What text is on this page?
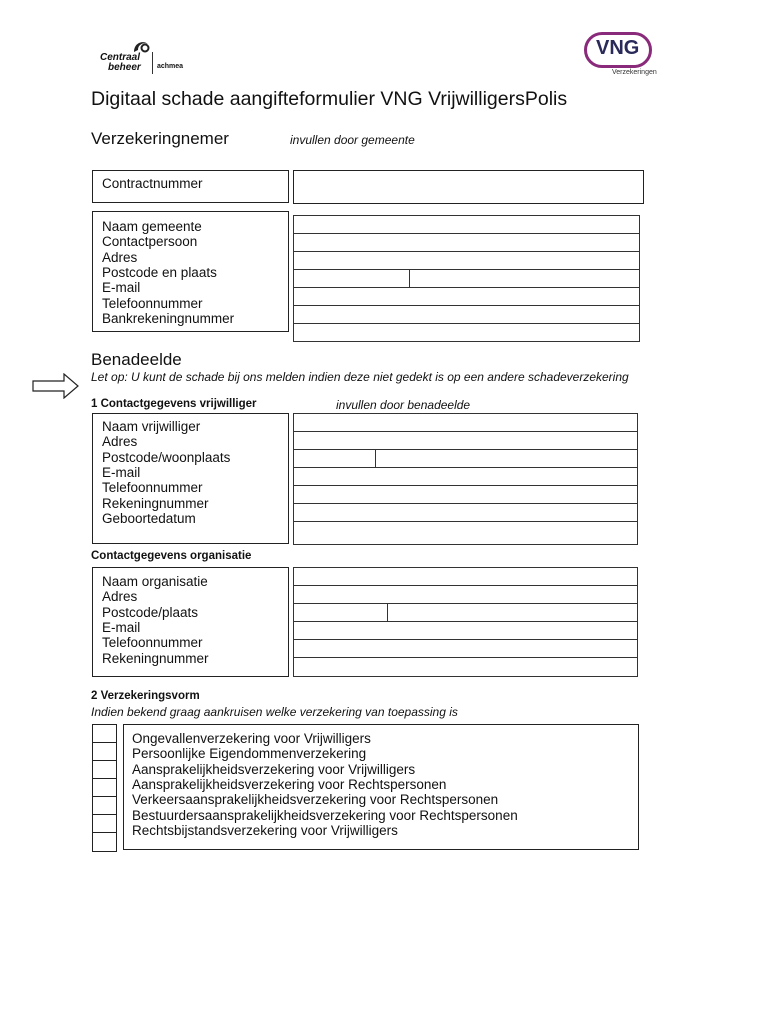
Centraal
beheer achmea
VNG
Verzekeringen
Digitaal schade aangifteformulier VNG VrijwilligersPolis
Verzekeringnemer	invullen door gemeente
Contractnummer
Naam gemeente
Contactpersoon
Adres
Postcode en plaats
E-mail
Telefoonnummer
Bankrekeningnummer
Benadeelde
Let op: U kunt de schade bij ons melden indien deze niet gedekt is op een andere schadeverzekering
1 Contactgegevens vrijwilliger	invullen door benadeelde
Naam vrijwilliger
Adres
Postcode/woonplaats
E-mail
Telefoonnummer
Rekeningnummer
Geboortedatum
Contactgegevens organisatie
Naam organisatie
Adres
Postcode/plaats
E-mail
Telefoonnummer
Rekeningnummer
2 Verzekeringsvorm
Indien bekend graag aankruisen welke verzekering van toepassing is
Ongevallenverzekering voor Vrijwilligers
Persoonlijke Eigendommenverzekering
Aansprakelijkheidsverzekering voor Vrijwilligers
Aansprakelijkheidsverzekering voor Rechtspersonen
Verkeersaansprakelijkheidsverzekering voor Rechtspersonen
Bestuurdersaansprakelijkheidsverzekering voor Rechtspersonen
Rechtsbijstandsverzekering voor Vrijwilligers
